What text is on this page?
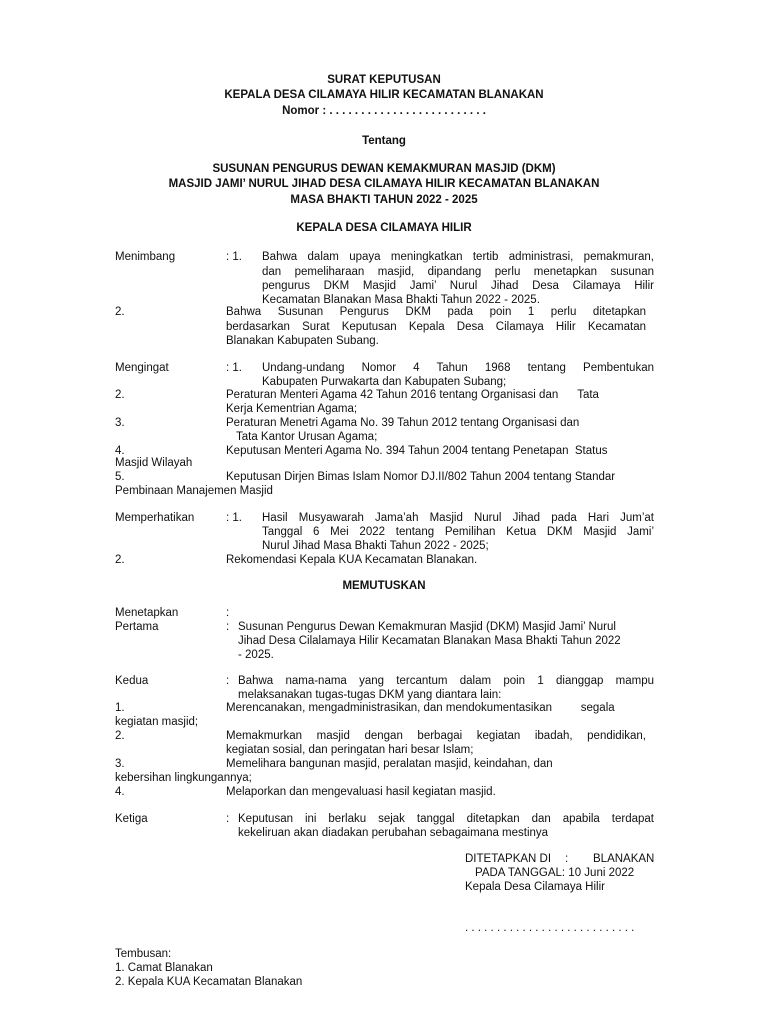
SURAT KEPUTUSAN
KEPALA DESA CILAMAYA HILIR KECAMATAN BLANAKAN
Nomor : . . . . . . . . . . . . . . . . . . . . . . . . .
Tentang
SUSUNAN PENGURUS DEWAN KEMAKMURAN MASJID (DKM)
MASJID JAMI’ NURUL JIHAD DESA CILAMAYA HILIR KECAMATAN BLANAKAN
MASA BHAKTI TAHUN 2022 - 2025
KEPALA DESA CILAMAYA HILIR
Menimbang	: 1. Bahwa dalam upaya meningkatkan tertib administrasi, pemakmuran,
dan pemeliharaan masjid, dipandang perlu menetapkan susunan
pengurus DKM Masjid Jami’ Nurul Jihad Desa Cilamaya Hilir
Kecamatan Blanakan Masa Bhakti Tahun 2022 - 2025.
2.	Bahwa Susunan Pengurus DKM pada poin 1 perlu ditetapkan
berdasarkan Surat Keputusan Kepala Desa Cilamaya Hilir Kecamatan
Blanakan Kabupaten Subang.
Mengingat	: 1. Undang-undang Nomor 4 Tahun 1968 tentang Pembentukan
Kabupaten Purwakarta dan Kabupaten Subang;
2.	Peraturan Menteri Agama 42 Tahun 2016 tentang Organisasi dan      Tata
Kerja Kementrian Agama;
3.	Peraturan Menetri Agama No. 39 Tahun 2012 tentang Organisasi dan
Tata Kantor Urusan Agama;
4.	Keputusan Menteri Agama No. 394 Tahun 2004 tentang Penetapan  Status
Masjid Wilayah
5.	Keputusan Dirjen Bimas Islam Nomor DJ.II/802 Tahun 2004 tentang Standar
Pembinaan Manajemen Masjid
Memperhatikan	: 1. Hasil Musyawarah Jama’ah Masjid Nurul Jihad pada Hari Jum’at
Tanggal 6 Mei 2022 tentang Pemilihan Ketua DKM Masjid Jami’
Nurul Jihad Masa Bhakti Tahun 2022 - 2025;
2.	Rekomendasi Kepala KUA Kecamatan Blanakan.
MEMUTUSKAN
Menetapkan	:
Pertama	: Susunan Pengurus Dewan Kemakmuran Masjid (DKM) Masjid Jami’ Nurul
Jihad Desa Cilalamaya Hilir Kecamatan Blanakan Masa Bhakti Tahun 2022
- 2025.
Kedua	: Bahwa nama-nama yang tercantum dalam poin 1 dianggap mampu
melaksanakan tugas-tugas DKM yang diantara lain:
1.	Merencanakan, mengadministrasikan, dan mendokumentasikan         segala
kegiatan masjid;
2.	Memakmurkan masjid dengan berbagai kegiatan ibadah, pendidikan,
kegiatan sosial, dan peringatan hari besar Islam;
3.	Memelihara bangunan masjid, peralatan masjid, keindahan, dan
kebersihan lingkungannya;
4.	Melaporkan dan mengevaluasi hasil kegiatan masjid.
Ketiga	: Keputusan ini berlaku sejak tanggal ditetapkan dan apabila terdapat
kekeliruan akan diadakan perubahan sebagaimana mestinya
DITETAPKAN DI : BLANAKAN
PADA TANGGAL: 10 Juni 2022
Kepala Desa Cilamaya Hilir
. . . . . . . . . . . . . . . . . . . . . . . . . . .
Tembusan:
1. Camat Blanakan
2. Kepala KUA Kecamatan Blanakan
